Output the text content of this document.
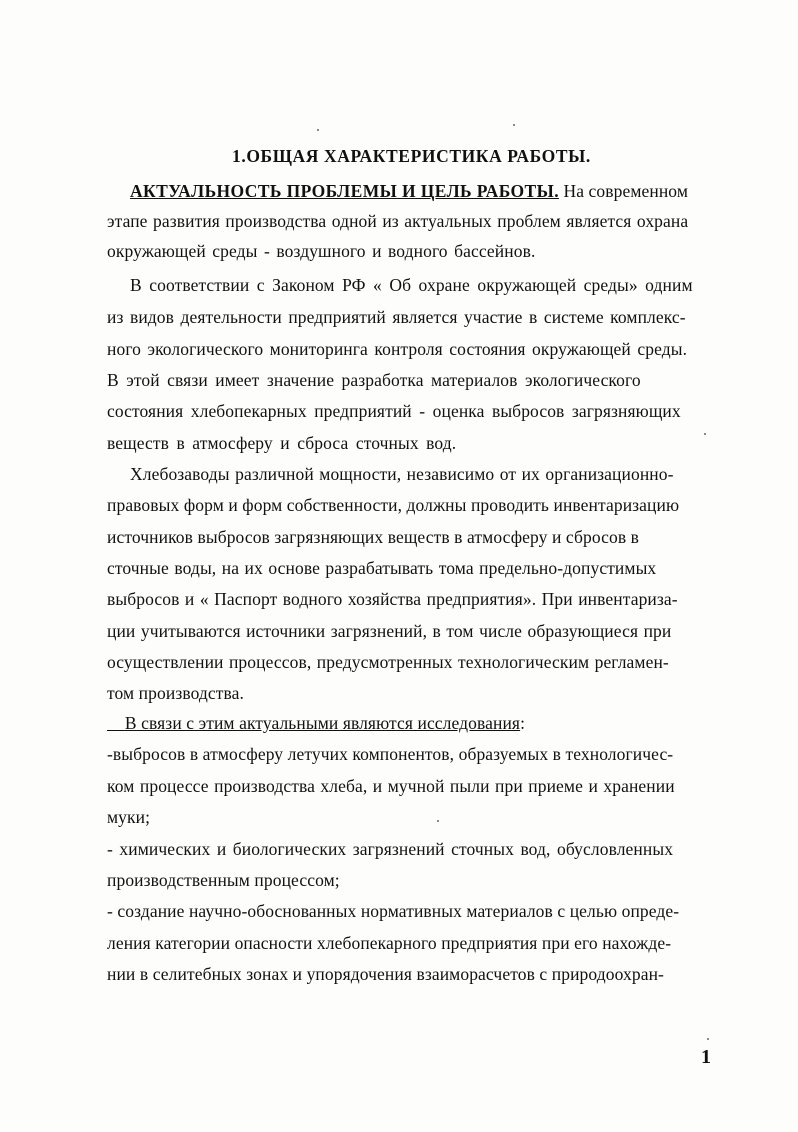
1.ОБЩАЯ ХАРАКТЕРИСТИКА РАБОТЫ.
АКТУАЛЬНОСТЬ ПРОБЛЕМЫ И ЦЕЛЬ РАБОТЫ. На современном
этапе развития производства одной из актуальных проблем является охрана
окружающей среды - воздушного и водного бассейнов.
В соответствии с Законом РФ « Об охране окружающей среды» одним
из видов деятельности предприятий является участие в системе комплекс-
ного экологического мониторинга контроля состояния окружающей среды.
В этой связи имеет значение разработка материалов экологического
состояния хлебопекарных предприятий - оценка выбросов загрязняющих
веществ в атмосферу и сброса сточных вод.
Хлебозаводы различной мощности, независимо от их организационно-
правовых форм и форм собственности, должны проводить инвентаризацию
источников выбросов загрязняющих веществ в атмосферу и сбросов в
сточные воды, на их основе разрабатывать тома предельно-допустимых
выбросов и « Паспорт водного хозяйства предприятия». При инвентариза-
ции учитываются источники загрязнений, в том числе образующиеся при
осуществлении процессов, предусмотренных технологическим регламен-
том производства.
В связи с этим актуальными являются исследования:
-выбросов в атмосферу летучих компонентов, образуемых в технологичес-
ком процессе производства хлеба, и мучной пыли при приеме и хранении
муки;
- химических и биологических загрязнений сточных вод, обусловленных
производственным процессом;
- создание научно-обоснованных нормативных материалов с целью опреде-
ления категории опасности хлебопекарного предприятия при его нахожде-
нии в селитебных зонах и упорядочения взаиморасчетов с природоохран-
1
